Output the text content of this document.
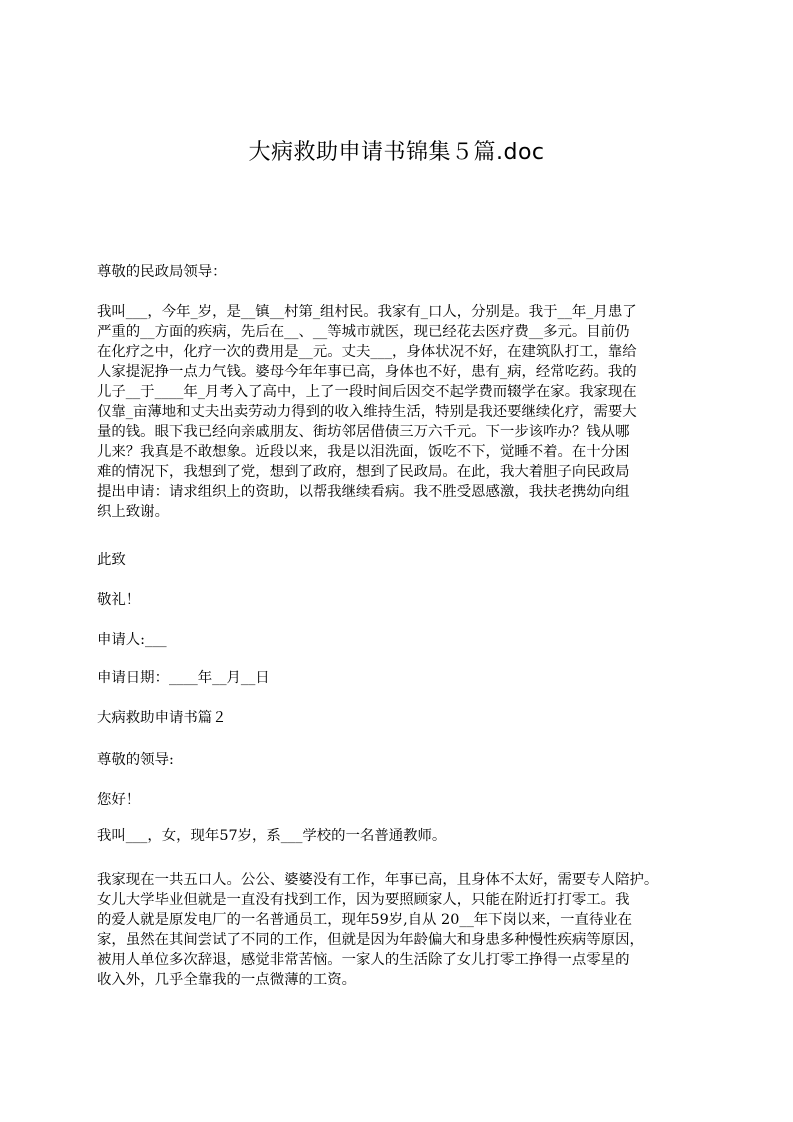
大病救助申请书锦集５篇.doc
尊敬的民政局领导：
我叫___，今年_岁，是__镇__村第_组村民。我家有_口人，分别是。我于__年_月患了
严重的__方面的疾病，先后在__、__等城市就医，现已经花去医疗费__多元。目前仍
在化疗之中，化疗一次的费用是__元。丈夫___，身体状况不好，在建筑队打工，靠给
人家提泥挣一点力气钱。婆母今年年事已高，身体也不好，患有_病，经常吃药。我的
儿子__于____年_月考入了高中，上了一段时间后因交不起学费而辍学在家。我家现在
仅靠_亩薄地和丈夫出卖劳动力得到的收入维持生活，特别是我还要继续化疗，需要大
量的钱。眼下我已经向亲戚朋友、街坊邻居借债三万六千元。下一步该咋办？钱从哪
儿来？我真是不敢想象。近段以来，我是以泪洗面，饭吃不下，觉睡不着。在十分困
难的情况下，我想到了党，想到了政府，想到了民政局。在此，我大着胆子向民政局
提出申请：请求组织上的资助，以帮我继续看病。我不胜受恩感激，我扶老携幼向组
织上致谢。
此致
敬礼！
申请人:___
申请日期：____年__月__日
大病救助申请书篇２
尊敬的领导:
您好！
我叫___，女，现年57岁，系___学校的一名普通教师。
我家现在一共五口人。公公、婆婆没有工作，年事已高，且身体不太好，需要专人陪护。
女儿大学毕业但就是一直没有找到工作，因为要照顾家人，只能在附近打打零工。我
的爱人就是原发电厂的一名普通员工，现年59岁,自从 20__年下岗以来，一直待业在
家，虽然在其间尝试了不同的工作，但就是因为年龄偏大和身患多种慢性疾病等原因，
被用人单位多次辞退，感觉非常苦恼。一家人的生活除了女儿打零工挣得一点零星的
收入外，几乎全靠我的一点微薄的工资。
